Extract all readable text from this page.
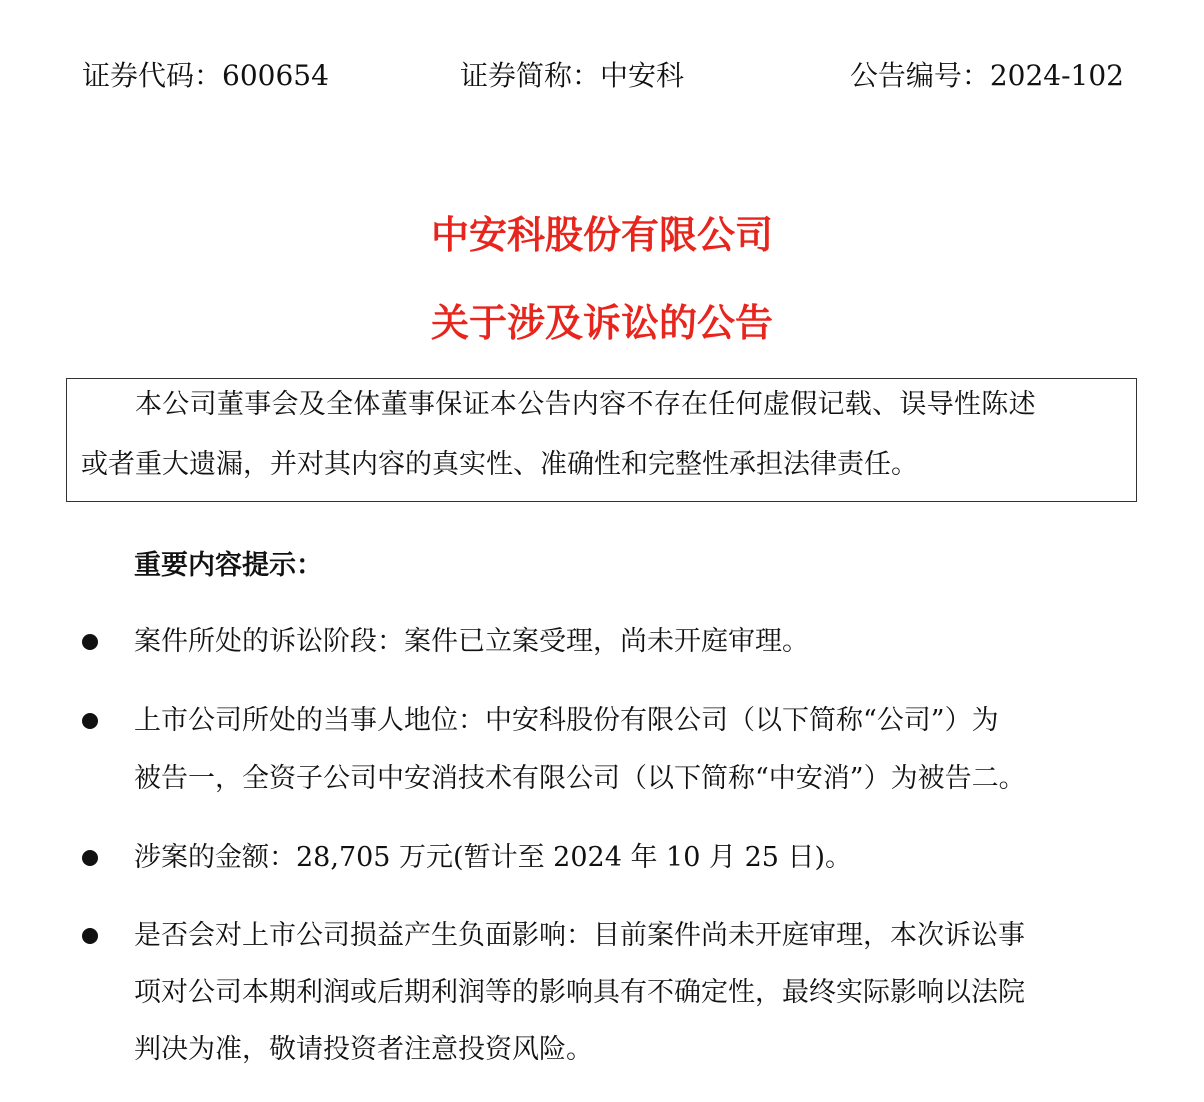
证券代码：600654	证券简称：中安科	公告编号：2024-102
中安科股份有限公司
关于涉及诉讼的公告
本公司董事会及全体董事保证本公告内容不存在任何虚假记载、误导性陈述
或者重大遗漏，并对其内容的真实性、准确性和完整性承担法律责任。
重要内容提示：
案件所处的诉讼阶段：案件已立案受理，尚未开庭审理。
上市公司所处的当事人地位：中安科股份有限公司（以下简称“公司”）为
被告一，全资子公司中安消技术有限公司（以下简称“中安消”）为被告二。
涉案的金额：28,705 万元(暂计至 2024 年 10 月 25 日)。
是否会对上市公司损益产生负面影响：目前案件尚未开庭审理，本次诉讼事
项对公司本期利润或后期利润等的影响具有不确定性，最终实际影响以法院
判决为准，敬请投资者注意投资风险。
